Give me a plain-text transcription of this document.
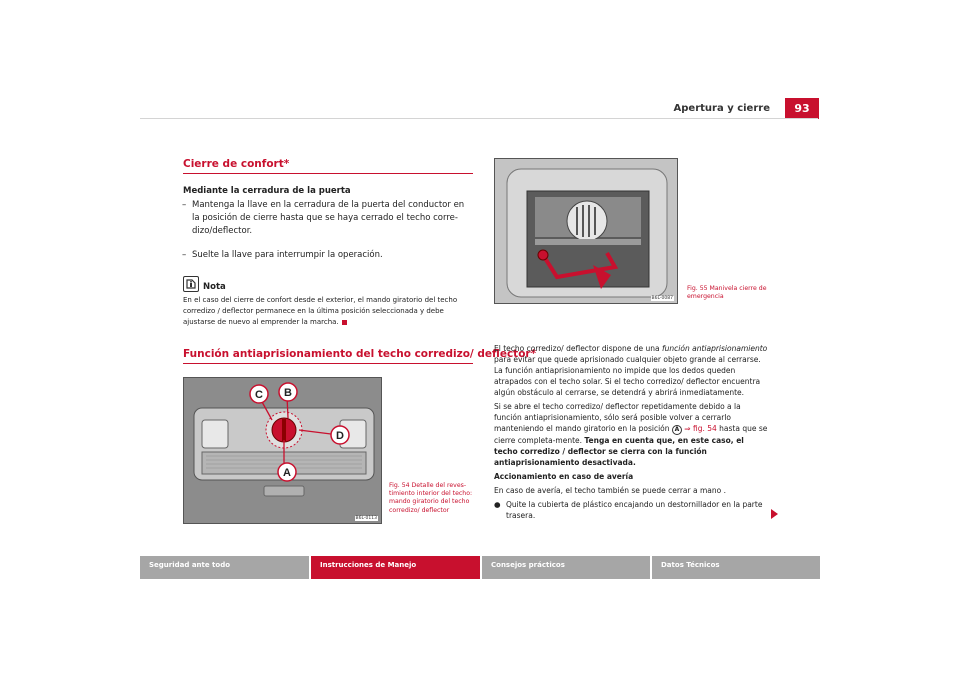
Apertura y cierre	93
Cierre de confort*
Mediante la cerradura de la puerta
– Mantenga la llave en la cerradura de la puerta del conductor en la posición de cierre hasta que se haya cerrado el techo corre-dizo/deflector.
– Suelte la llave para interrumpir la operación.
Nota
En el caso del cierre de confort desde el exterior, el mando giratorio del techo corredizo / deflector permanece en la última posición seleccionada y debe ajustarse de nuevo al emprender la marcha.
Función antiaprisionamiento del techo corredizo/ deflector*
C B
D
A
B6L-0113
Fig. 54 Detalle del reves-timiento interior del techo: mando giratorio del techo corredizo/ deflector
B6L-0087
Fig. 55 Manivela cierre de emergencia

El techo corredizo/ deflector dispone de una función antiaprisionamiento para evitar que quede aprisionado cualquier objeto grande al cerrarse. La función antiaprisionamiento no impide que los dedos queden atrapados con el techo solar. Si el techo corredizo/ deflector encuentra algún obstáculo al cerrarse, se detendrá y abrirá inmediatamente.

Si se abre el techo corredizo/ deflector repetidamente debido a la función antiaprisionamiento, sólo será posible volver a cerrarlo manteniendo el mando giratorio en la posición A ⇒ fig. 54 hasta que se cierre completa-mente. Tenga en cuenta que, en este caso, el techo corredizo / deflector se cierra con la función antiaprisionamiento desactivada.

Accionamiento en caso de avería

En caso de avería, el techo también se puede cerrar a mano .

● Quite la cubierta de plástico encajando un destornillador en la parte trasera.

Seguridad ante todo	Instrucciones de Manejo	Consejos prácticos	Datos Técnicos
